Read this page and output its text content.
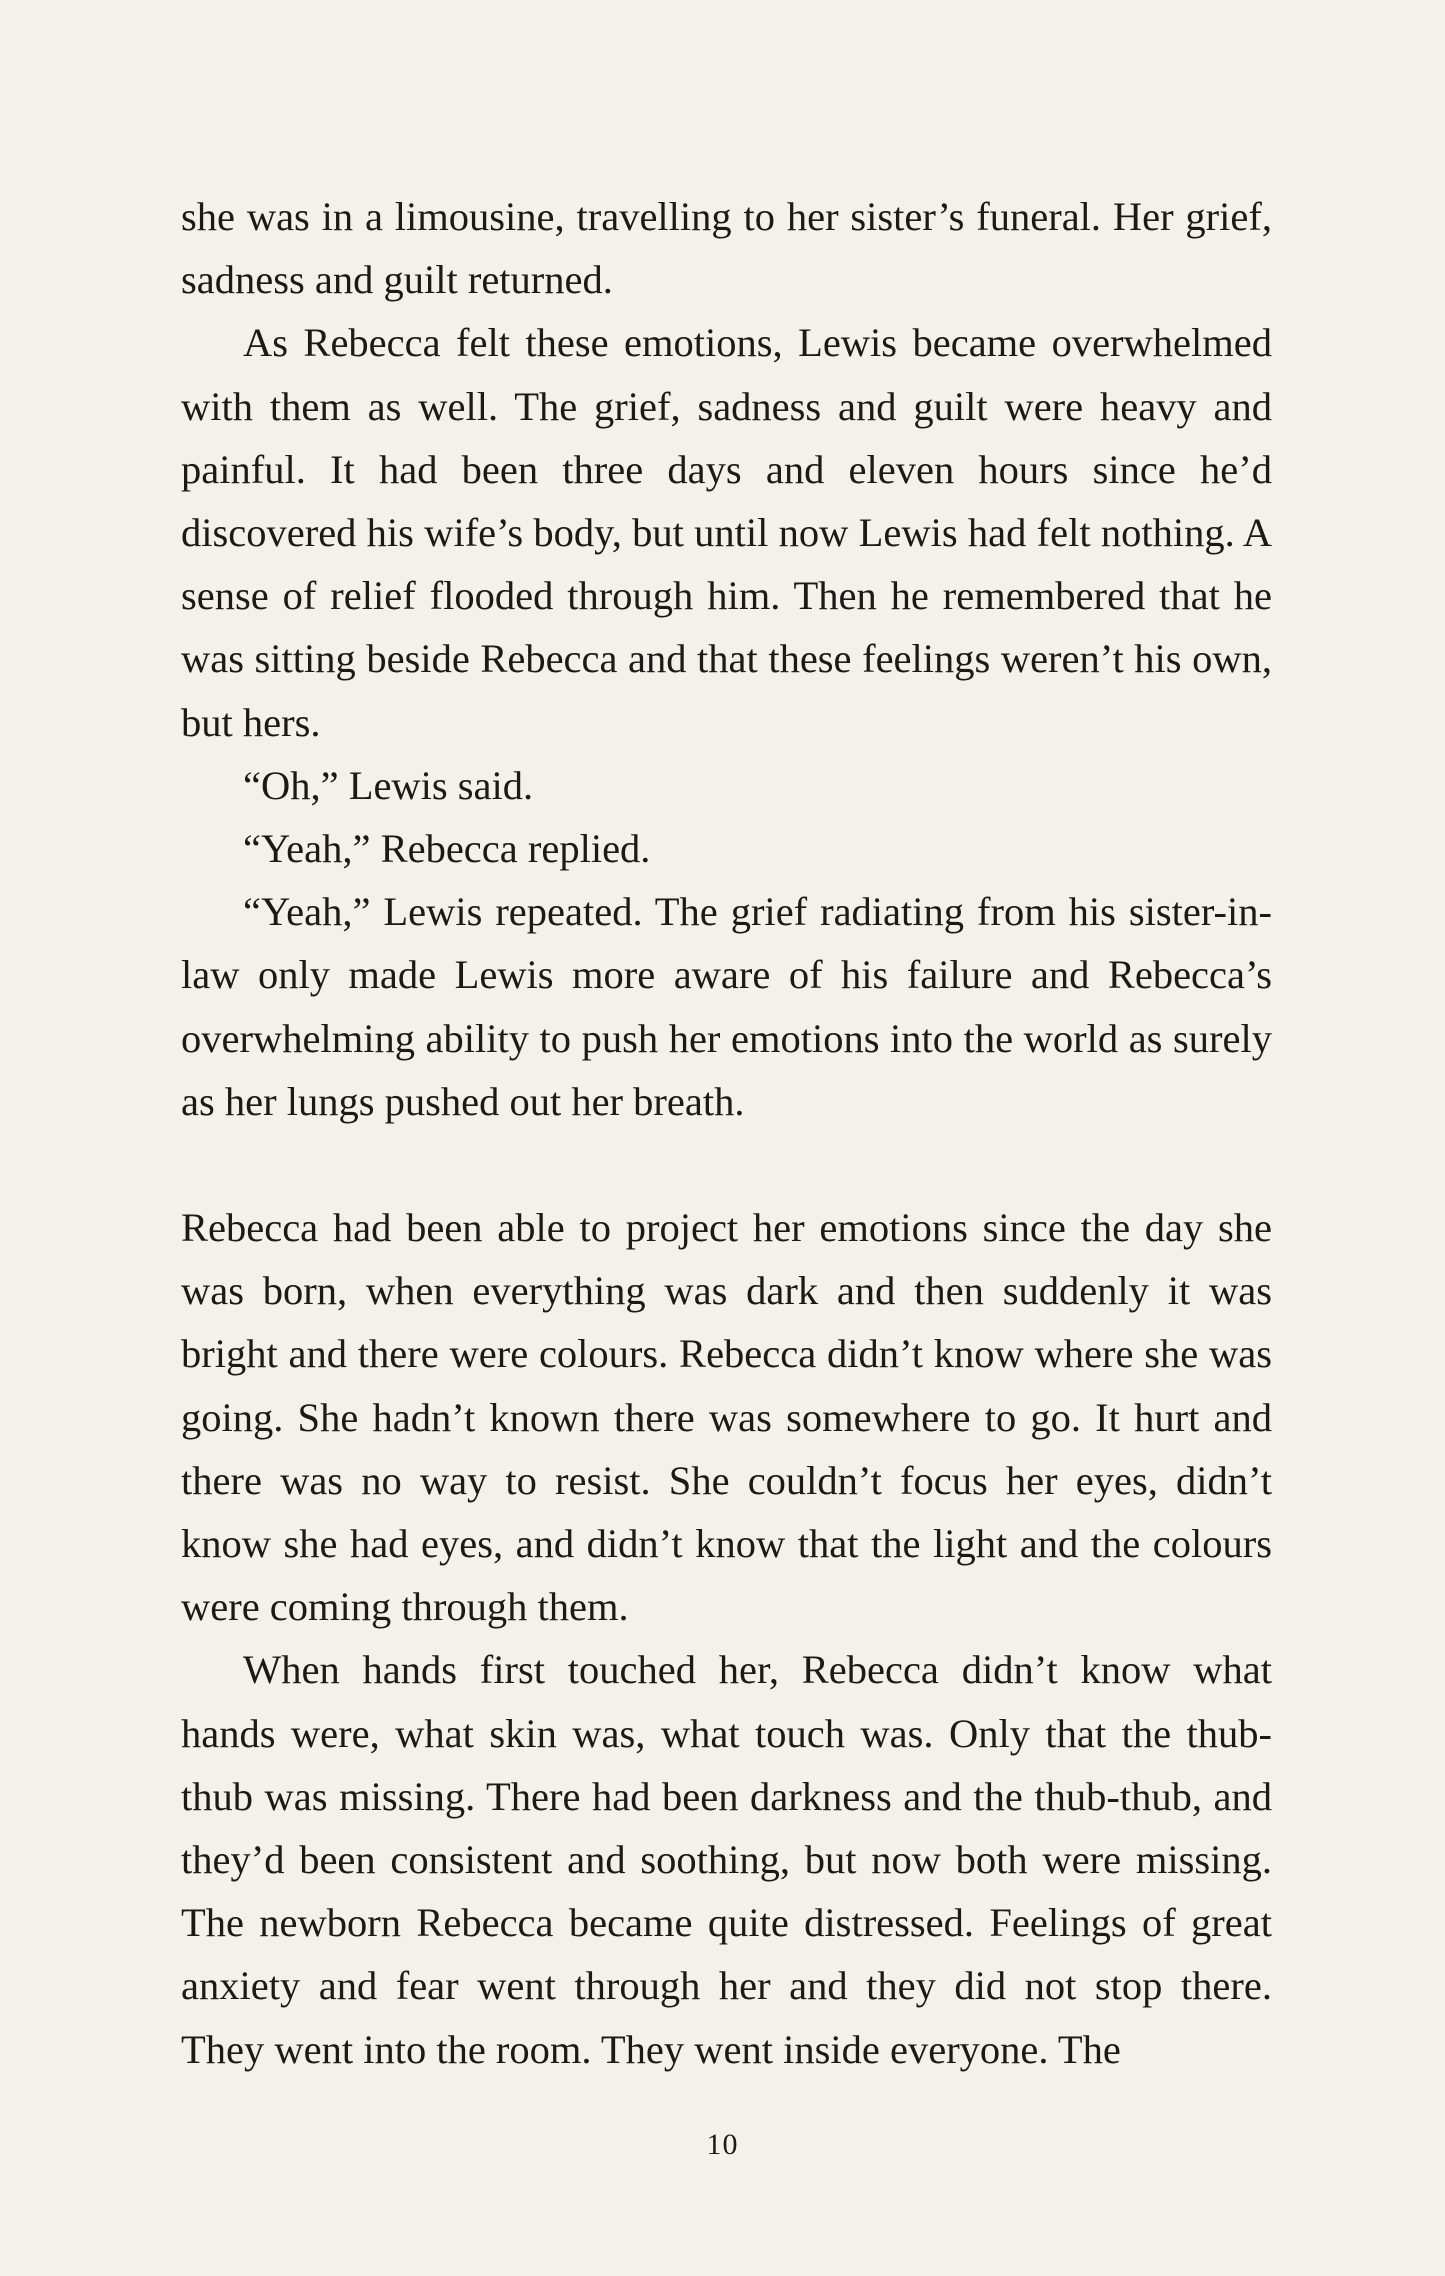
she was in a limousine, travelling to her sister’s funeral. Her grief, sadness and guilt returned.

As Rebecca felt these emotions, Lewis became overwhelmed with them as well. The grief, sadness and guilt were heavy and painful. It had been three days and eleven hours since he’d discovered his wife’s body, but until now Lewis had felt nothing. A sense of relief flooded through him. Then he remembered that he was sitting beside Rebecca and that these feelings weren’t his own, but hers.

“Oh,” Lewis said.

“Yeah,” Rebecca replied.

“Yeah,” Lewis repeated. The grief radiating from his sister-in-law only made Lewis more aware of his failure and Rebecca’s overwhelming ability to push her emotions into the world as surely as her lungs pushed out her breath.

Rebecca had been able to project her emotions since the day she was born, when everything was dark and then suddenly it was bright and there were colours. Rebecca didn’t know where she was going. She hadn’t known there was somewhere to go. It hurt and there was no way to resist. She couldn’t focus her eyes, didn’t know she had eyes, and didn’t know that the light and the colours were coming through them.

When hands first touched her, Rebecca didn’t know what hands were, what skin was, what touch was. Only that the thub-thub was missing. There had been darkness and the thub-thub, and they’d been consistent and soothing, but now both were missing. The newborn Rebecca became quite distressed. Feelings of great anxiety and fear went through her and they did not stop there. They went into the room. They went inside everyone. The

10
